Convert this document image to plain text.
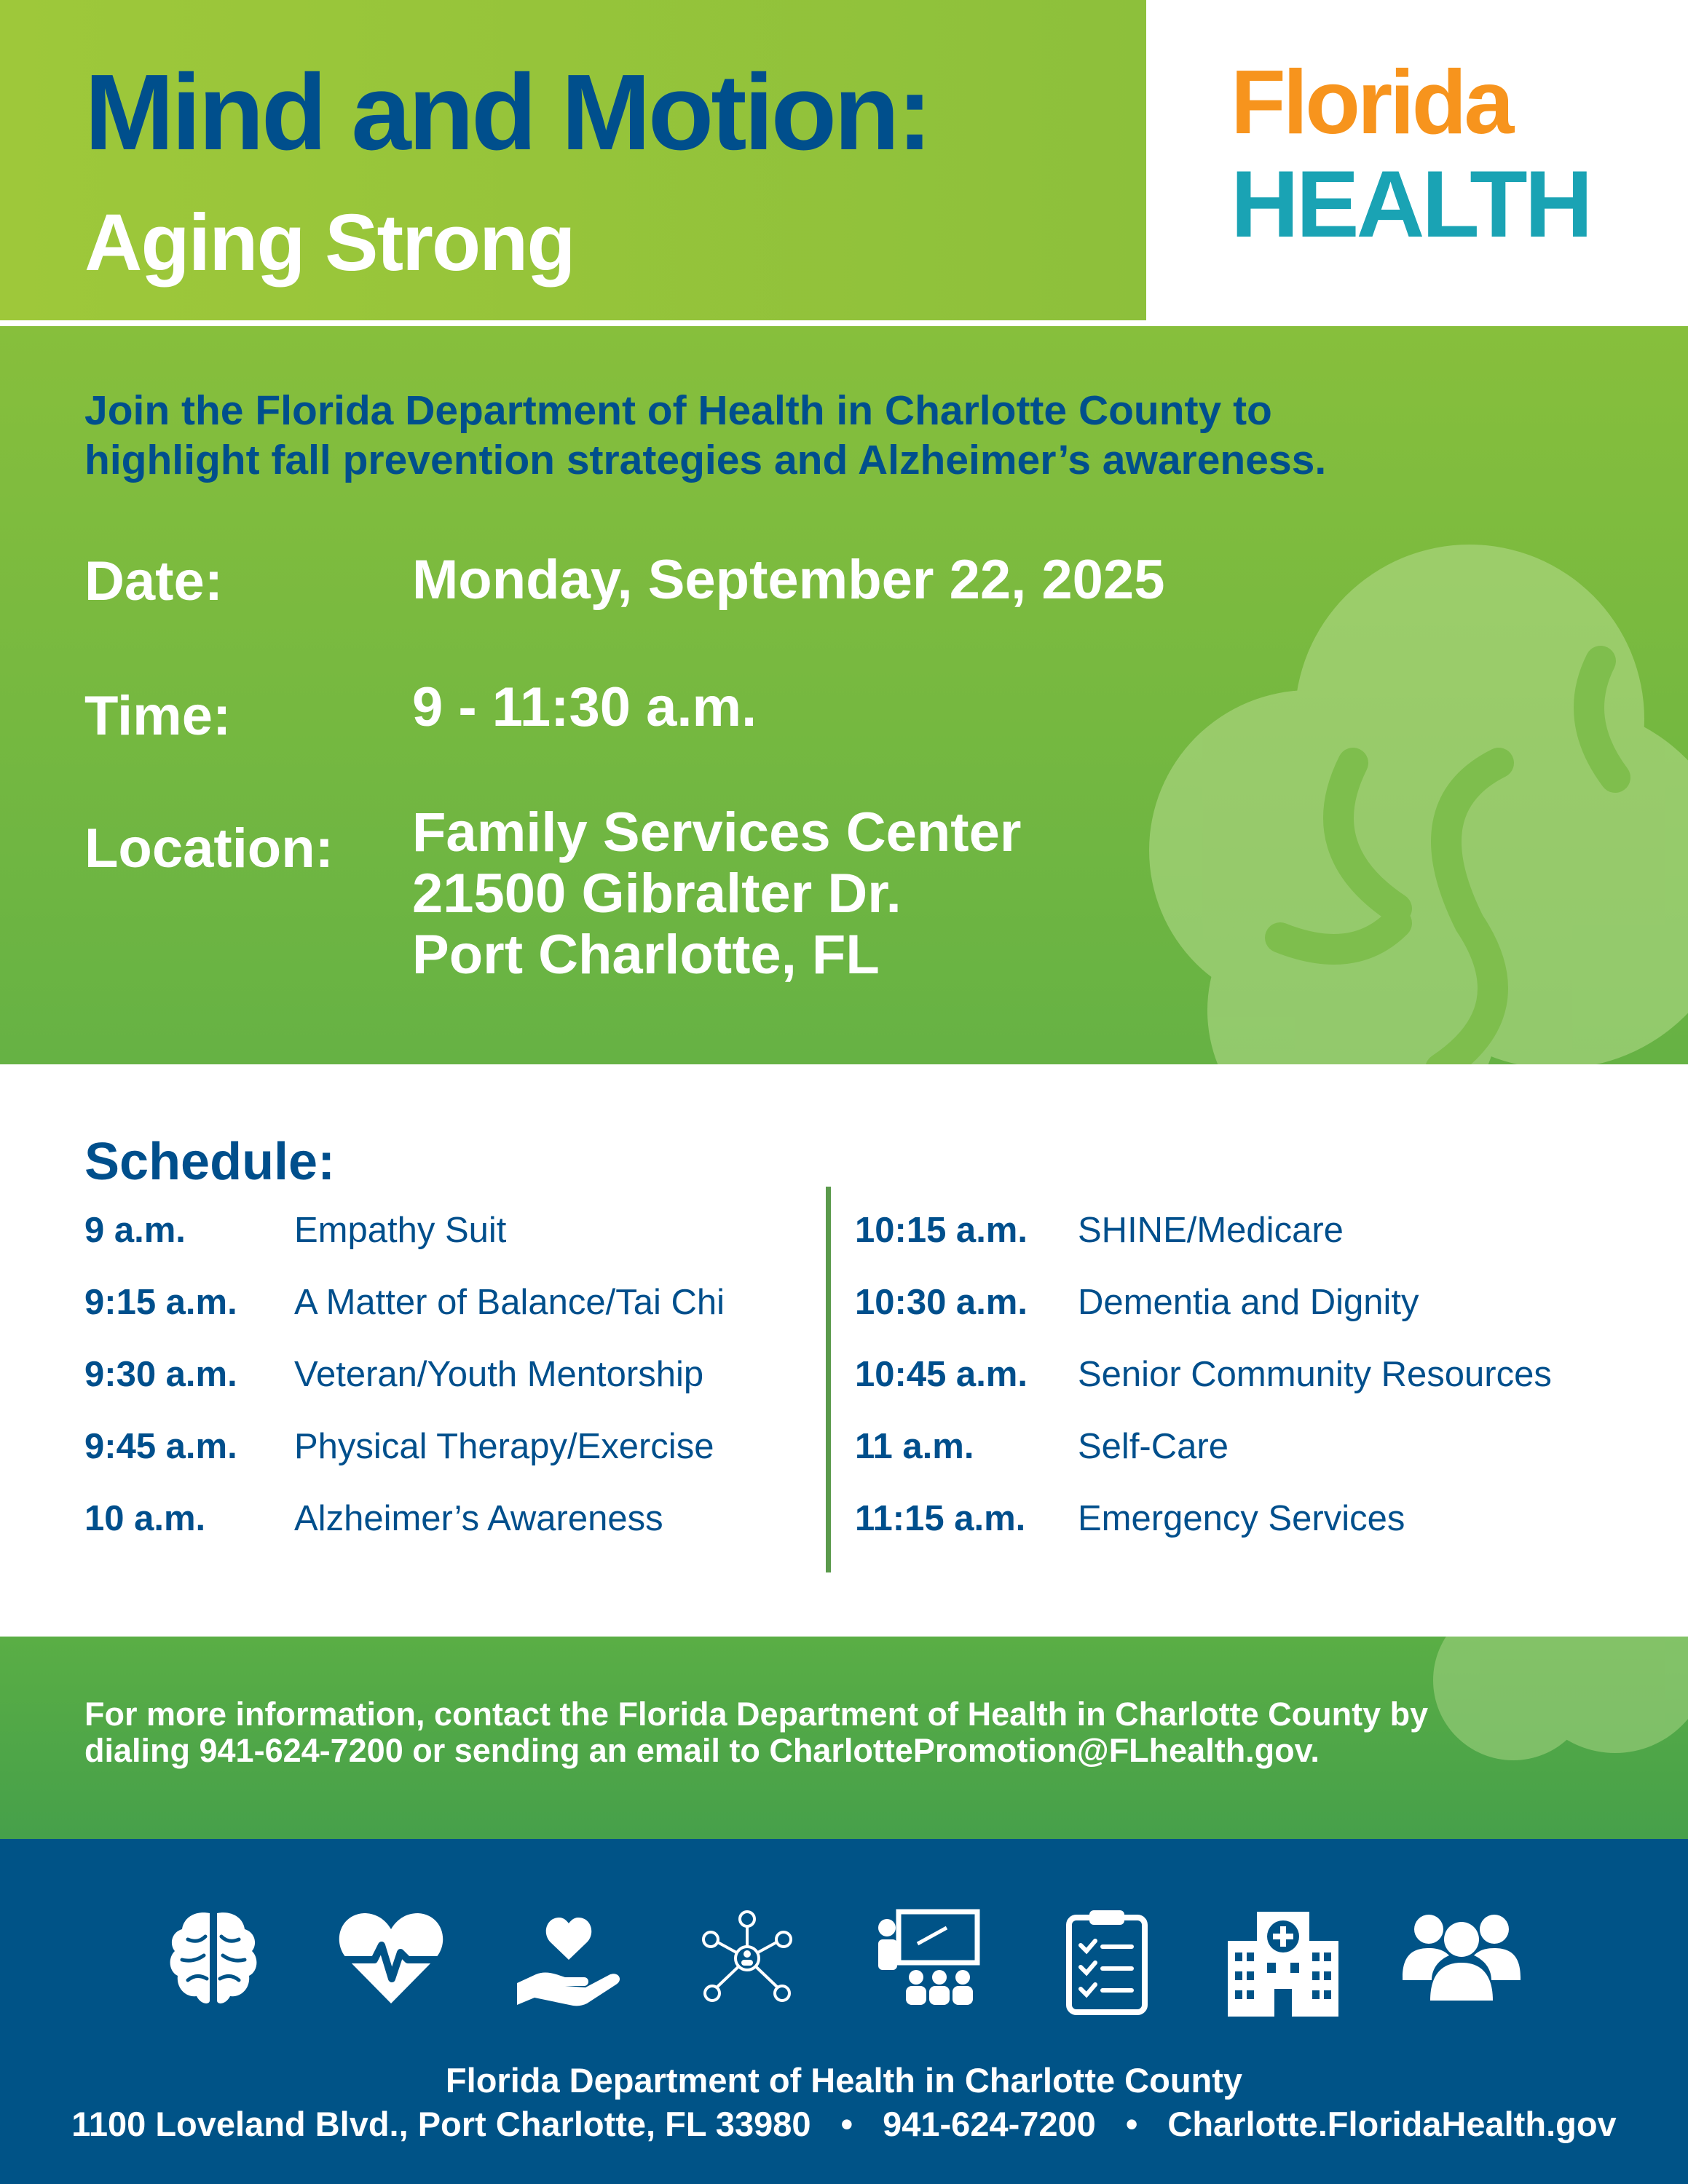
Mind and Motion:
Aging Strong
Florida
HEALTH
Join the Florida Department of Health in Charlotte County to
highlight fall prevention strategies and Alzheimer’s awareness.
Date:	Monday, September 22, 2025
Time:	9 - 11:30 a.m.
Location: Family Services Center
21500 Gibralter Dr.
Port Charlotte, FL
Schedule:
9 a.m.	Empathy Suit
9:15 a.m. A Matter of Balance/Tai Chi
9:30 a.m. Veteran/Youth Mentorship
9:45 a.m. Physical Therapy/Exercise
10 a.m. Alzheimer’s Awareness
10:15 a.m. SHINE/Medicare
10:30 a.m. Dementia and Dignity
10:45 a.m. Senior Community Resources
11 a.m.	Self-Care
11:15 a.m. Emergency Services
For more information, contact the Florida Department of Health in Charlotte County by
dialing 941-624-7200 or sending an email to CharlottePromotion@FLhealth.gov.
Florida Department of Health in Charlotte County
1100 Loveland Blvd., Port Charlotte, FL 33980 • 941-624-7200 • Charlotte.FloridaHealth.gov
